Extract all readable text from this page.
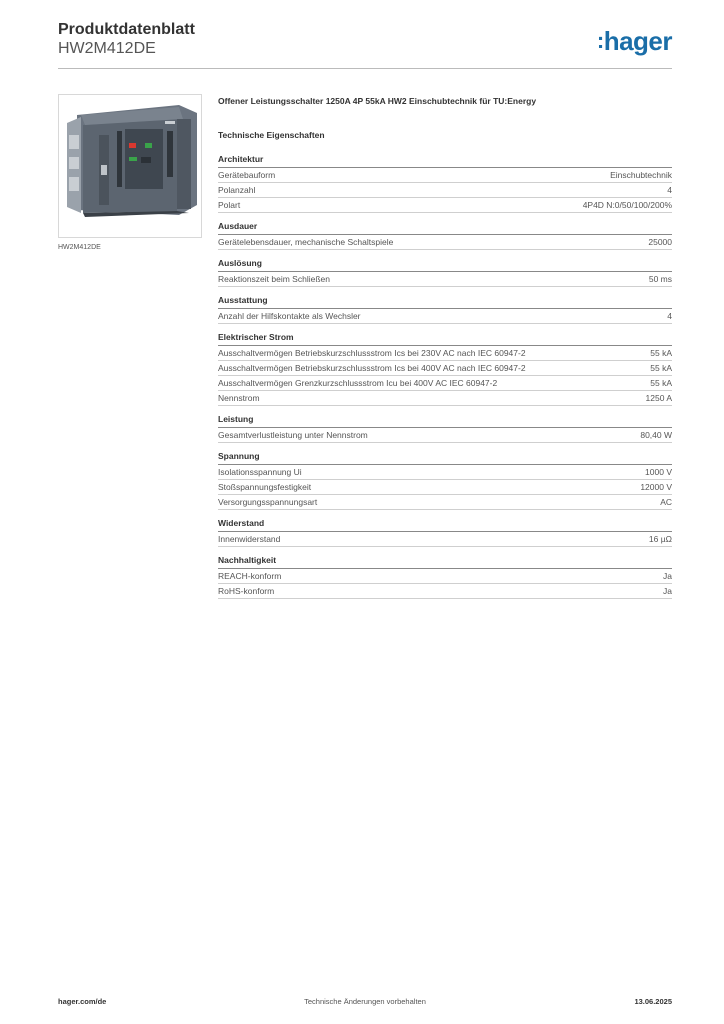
Produktdatenblatt
HW2M412DE	:hager
HW2M412DE
Offener Leistungsschalter 1250A 4P 55kA HW2 Einschubtechnik für TU:Energy
Technische Eigenschaften
Architektur
Gerätebauform	Einschubtechnik
Polanzahl	4
Polart	4P4D N:0/50/100/200%
Ausdauer
Gerätelebensdauer, mechanische Schaltspiele	25000
Auslösung
Reaktionszeit beim Schließen	50 ms
Ausstattung
Anzahl der Hilfskontakte als Wechsler	4
Elektrischer Strom
Ausschaltvermögen Betriebskurzschlussstrom Ics bei 230V AC nach IEC 60947-2	55 kA
Ausschaltvermögen Betriebskurzschlussstrom Ics bei 400V AC nach IEC 60947-2	55 kA
Ausschaltvermögen Grenzkurzschlussstrom Icu bei 400V AC IEC 60947-2	55 kA
Nennstrom	1250 A
Leistung
Gesamtverlustleistung unter Nennstrom	80,40 W
Spannung
Isolationsspannung Ui	1000 V
Stoßspannungsfestigkeit	12000 V
Versorgungsspannungsart	AC
Widerstand
Innenwiderstand	16 µΩ
Nachhaltigkeit
REACH-konform	Ja
RoHS-konform	Ja
hager.com/de	Technische Änderungen vorbehalten	13.06.2025
